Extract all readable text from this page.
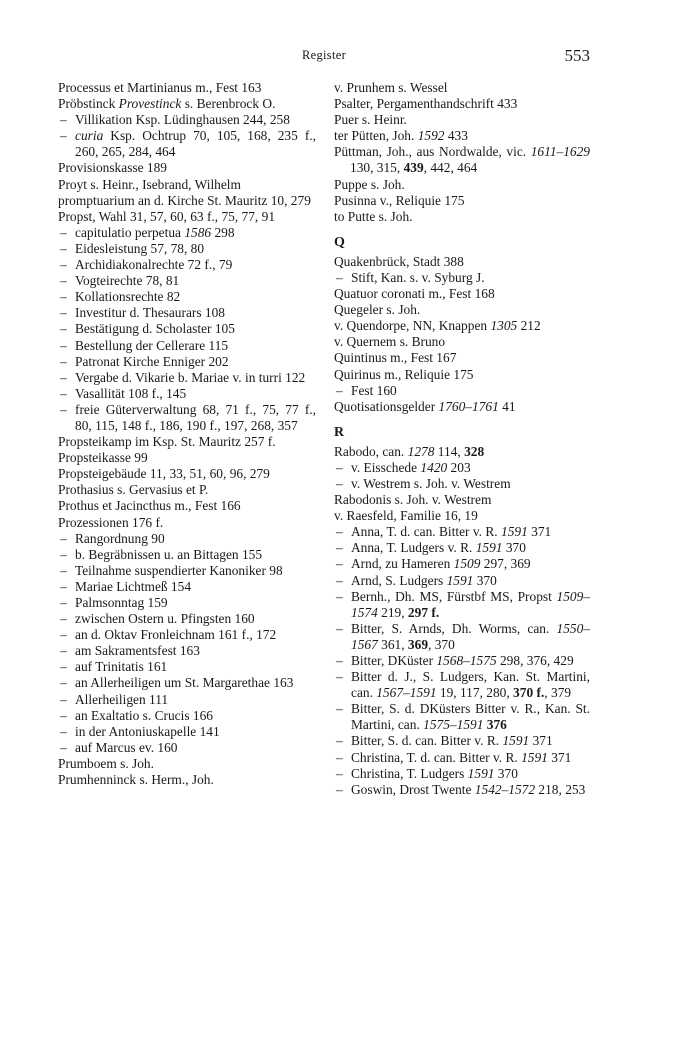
Register	553
Processus et Martinianus m., Fest 163
Pröbstinck Provestinck s. Berenbrock O.
– Villikation Ksp. Lüdinghausen 244, 258
– curia Ksp. Ochtrup 70, 105, 168, 235 f., 260, 265, 284, 464
Provisionskasse 189
Proyt s. Heinr., Isebrand, Wilhelm
promptuarium an d. Kirche St. Mauritz 10, 279
Propst, Wahl 31, 57, 60, 63 f., 75, 77, 91
– capitulatio perpetua 1586 298
– Eidesleistung 57, 78, 80
– Archidiakonalrechte 72 f., 79
– Vogteirechte 78, 81
– Kollationsrechte 82
– Investitur d. Thesaurars 108
– Bestätigung d. Scholaster 105
– Bestellung der Cellerare 115
– Patronat Kirche Enniger 202
– Vergabe d. Vikarie b. Mariae v. in turri 122
– Vasallität 108 f., 145
– freie Güterverwaltung 68, 71 f., 75, 77 f., 80, 115, 148 f., 186, 190 f., 197, 268, 357
Propsteikamp im Ksp. St. Mauritz 257 f.
Propsteikasse 99
Propsteigebäude 11, 33, 51, 60, 96, 279
Prothasius s. Gervasius et P.
Prothus et Jacincthus m., Fest 166
Prozessionen 176 f.
– Rangordnung 90
– b. Begräbnissen u. an Bittagen 155
– Teilnahme suspendierter Kanoniker 98
– Mariae Lichtmeß 154
– Palmsonntag 159
– zwischen Ostern u. Pfingsten 160
– an d. Oktav Fronleichnam 161 f., 172
– am Sakramentsfest 163
– auf Trinitatis 161
– an Allerheiligen um St. Margarethae 163
– Allerheiligen 111
– an Exaltatio s. Crucis 166
– in der Antoniuskapelle 141
– auf Marcus ev. 160
Prumboem s. Joh.
Prumhenninck s. Herm., Joh.
v. Prunhem s. Wessel
Psalter, Pergamenthandschrift 433
Puer s. Heinr.
ter Pütten, Joh. 1592 433
Püttman, Joh., aus Nordwalde, vic. 1611–1629 130, 315, 439, 442, 464
Puppe s. Joh.
Pusinna v., Reliquie 175
to Putte s. Joh.
Q
Quakenbrück, Stadt 388
– Stift, Kan. s. v. Syburg J.
Quatuor coronati m., Fest 168
Quegeler s. Joh.
v. Quendorpe, NN, Knappen 1305 212
v. Quernem s. Bruno
Quintinus m., Fest 167
Quirinus m., Reliquie 175
– Fest 160
Quotisationsgelder 1760–1761 41
R
Rabodo, can. 1278 114, 328
– v. Eisschede 1420 203
– v. Westrem s. Joh. v. Westrem
Rabodonis s. Joh. v. Westrem
v. Raesfeld, Familie 16, 19
– Anna, T. d. can. Bitter v. R. 1591 371
– Anna, T. Ludgers v. R. 1591 370
– Arnd, zu Hameren 1509 297, 369
– Arnd, S. Ludgers 1591 370
– Bernh., Dh. MS, Fürstbf MS, Propst 1509–1574 219, 297 f.
– Bitter, S. Arnds, Dh. Worms, can. 1550–1567 361, 369, 370
– Bitter, DKüster 1568–1575 298, 376, 429
– Bitter d. J., S. Ludgers, Kan. St. Martini, can. 1567–1591 19, 117, 280, 370 f., 379
– Bitter, S. d. DKüsters Bitter v. R., Kan. St. Martini, can. 1575–1591 376
– Bitter, S. d. can. Bitter v. R. 1591 371
– Christina, T. d. can. Bitter v. R. 1591 371
– Christina, T. Ludgers 1591 370
– Goswin, Drost Twente 1542–1572 218, 253
